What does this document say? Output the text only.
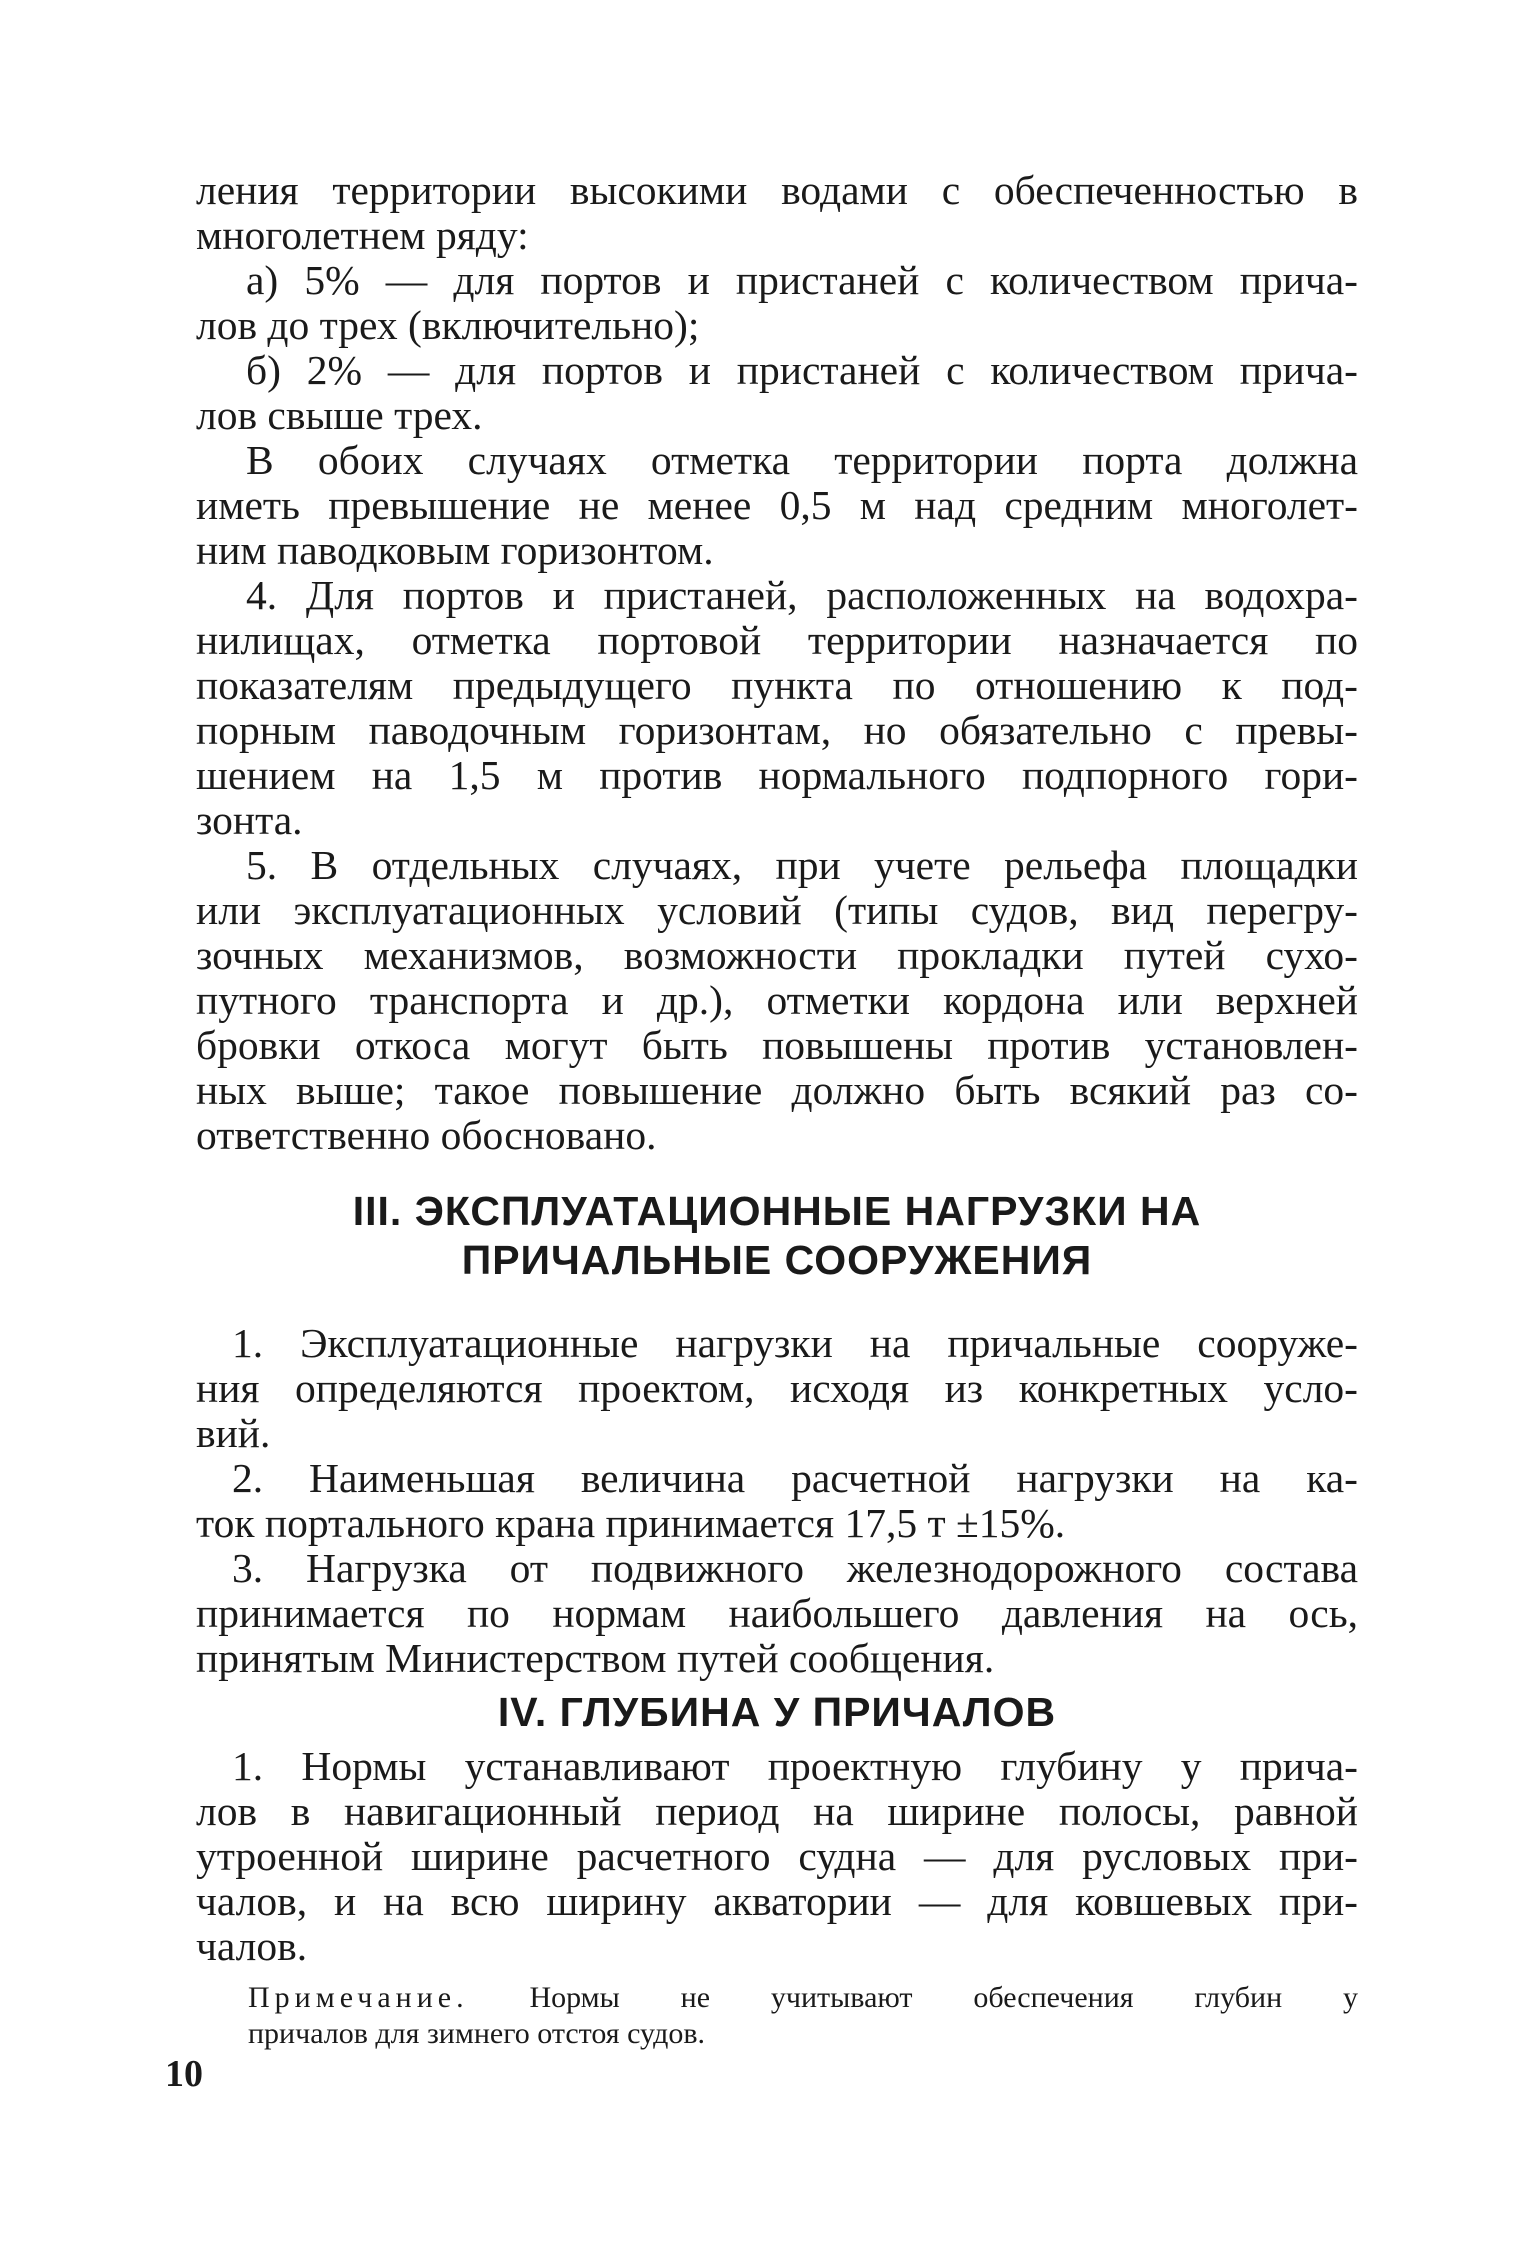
ления территории высокими водами с обеспеченностью в
многолетнем ряду:
а) 5% — для портов и пристаней с количеством прича-
лов до трех (включительно);
б) 2% — для портов и пристаней с количеством прича-
лов свыше трех.
В обоих случаях отметка территории порта должна
иметь превышение не менее 0,5 м над средним многолет-
ним паводковым горизонтом.
4. Для портов и пристаней, расположенных на водохра-
нилищах, отметка портовой территории назначается по
показателям предыдущего пункта по отношению к под-
порным паводочным горизонтам, но обязательно с превы-
шением на 1,5 м против нормального подпорного гори-
зонта.
5. В отдельных случаях, при учете рельефа площадки
или эксплуатационных условий (типы судов, вид перегру-
зочных механизмов, возможности прокладки путей сухо-
путного транспорта и др.), отметки кордона или верхней
бровки откоса могут быть повышены против установлен-
ных выше; такое повышение должно быть всякий раз со-
ответственно обосновано.
III. ЭКСПЛУАТАЦИОННЫЕ НАГРУЗКИ НА
ПРИЧАЛЬНЫЕ СООРУЖЕНИЯ
1. Эксплуатационные нагрузки на причальные сооруже-
ния определяются проектом, исходя из конкретных усло-
вий.
2. Наименьшая величина расчетной нагрузки на ка-
ток портального крана принимается 17,5 т ±15%.
3. Нагрузка от подвижного железнодорожного состава
принимается по нормам наибольшего давления на ось,
принятым Министерством путей сообщения.
IV. ГЛУБИНА У ПРИЧАЛОВ
1. Нормы устанавливают проектную глубину у прича-
лов в навигационный период на ширине полосы, равной
утроенной ширине расчетного судна — для русловых при-
чалов, и на всю ширину акватории — для ковшевых при-
чалов.
Примечание. Нормы не учитывают обеспечения глубин у
причалов для зимнего отстоя судов.
10
